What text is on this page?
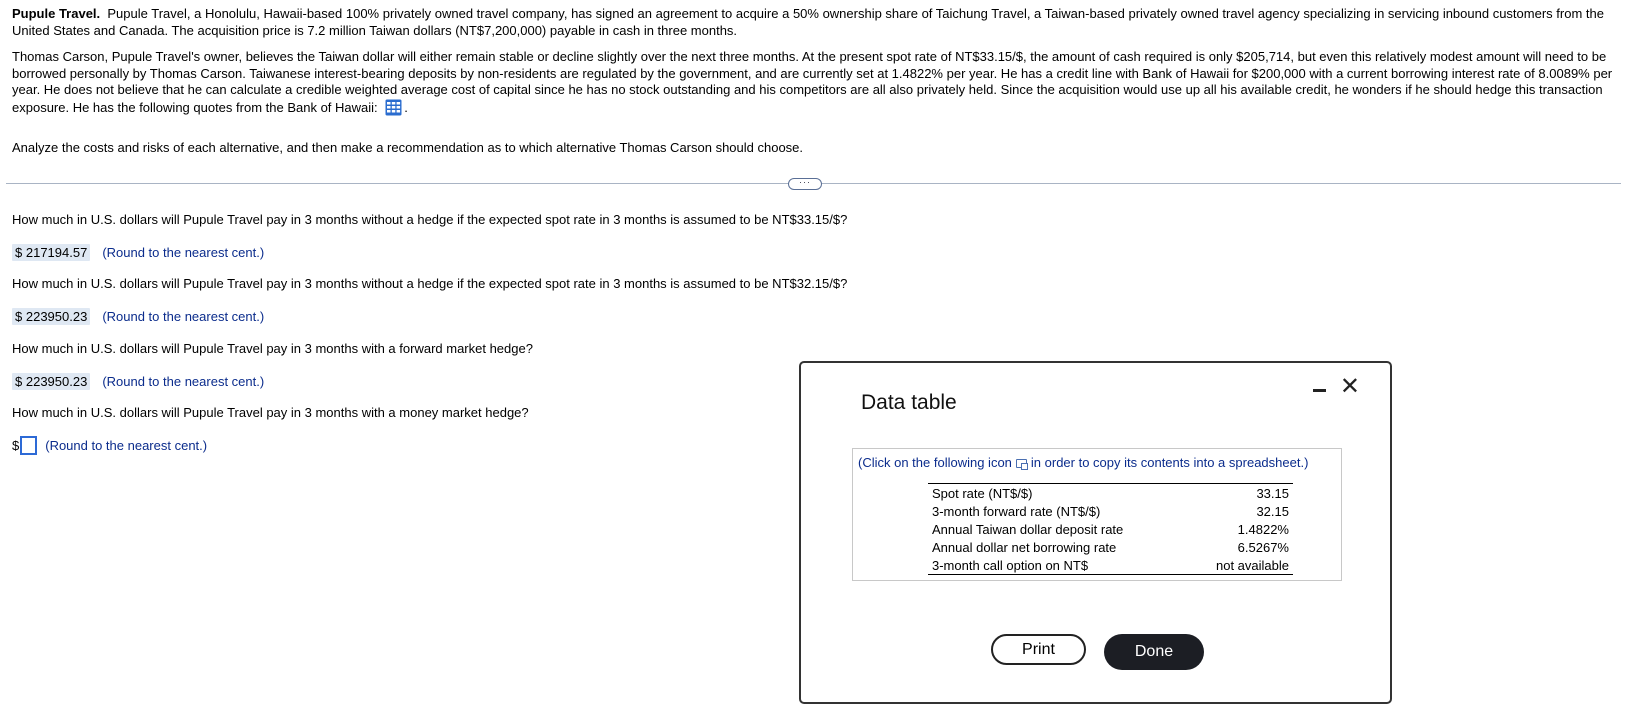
Pupule Travel. Pupule Travel, a Honolulu, Hawaii-based 100% privately owned travel company, has signed an agreement to acquire a 50% ownership share of Taichung Travel, a Taiwan-based privately owned travel agency specializing in servicing inbound customers from the United States and Canada. The acquisition price is 7.2 million Taiwan dollars (NT$7,200,000) payable in cash in three months.

Thomas Carson, Pupule Travel's owner, believes the Taiwan dollar will either remain stable or decline slightly over the next three months. At the present spot rate of NT$33.15/$, the amount of cash required is only $205,714, but even this relatively modest amount will need to be borrowed personally by Thomas Carson. Taiwanese interest-bearing deposits by non-residents are regulated by the government, and are currently set at 1.4822% per year. He has a credit line with Bank of Hawaii for $200,000 with a current borrowing interest rate of 8.0089% per year. He does not believe that he can calculate a credible weighted average cost of capital since he has no stock outstanding and his competitors are all also privately held. Since the acquisition would use up all his available credit, he wonders if he should hedge this transaction exposure. He has the following quotes from the Bank of Hawaii: .

Analyze the costs and risks of each alternative, and then make a recommendation as to which alternative Thomas Carson should choose.

···
How much in U.S. dollars will Pupule Travel pay in 3 months without a hedge if the expected spot rate in 3 months is assumed to be NT$33.15/$?
$ 217194.57 (Round to the nearest cent.)
How much in U.S. dollars will Pupule Travel pay in 3 months without a hedge if the expected spot rate in 3 months is assumed to be NT$32.15/$?
$ 223950.23 (Round to the nearest cent.)
How much in U.S. dollars will Pupule Travel pay in 3 months with a forward market hedge?
$ 223950.23 (Round to the nearest cent.)
How much in U.S. dollars will Pupule Travel pay in 3 months with a money market hedge?
$ (Round to the nearest cent.)
Data table
✕
(Click on the following icon in order to copy its contents into a spreadsheet.)
Spot rate (NT$/$)	33.15
3-month forward rate (NT$/$)	32.15
Annual Taiwan dollar deposit rate	1.4822%
Annual dollar net borrowing rate	6.5267%
3-month call option on NT$	not available
Print	Done
